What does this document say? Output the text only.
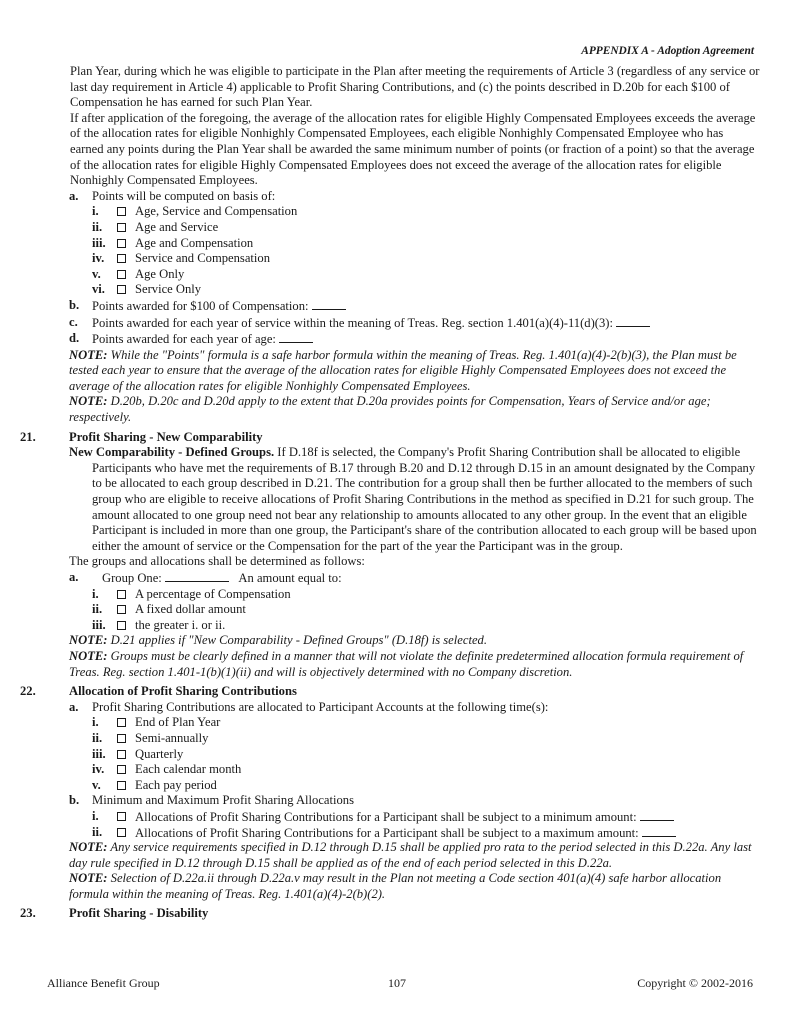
APPENDIX A - Adoption Agreement

Plan Year, during which he was eligible to participate in the Plan after meeting the requirements of Article 3 (regardless of any service or last day requirement in Article 4) applicable to Profit Sharing Contributions, and (c) the points described in D.20b for each $100 of Compensation he has earned for such Plan Year.

If after application of the foregoing, the average of the allocation rates for eligible Highly Compensated Employees exceeds the average of the allocation rates for eligible Nonhighly Compensated Employees, each eligible Nonhighly Compensated Employee who has earned any points during the Plan Year shall be awarded the same minimum number of points (or fraction of a point) so that the average of the allocation rates for eligible Highly Compensated Employees does not exceed the average of the allocation rates for eligible Nonhighly Compensated Employees.

a.	Points will be computed on basis of:
i.	Age, Service and Compensation
ii.	Age and Service
iii. Age and Compensation
iv. Service and Compensation
v.	Age Only
vi. Service Only
b.	Points awarded for $100 of Compensation:
c.	Points awarded for each year of service within the meaning of Treas. Reg. section 1.401(a)(4)-11(d)(3):
d.	Points awarded for each year of age:

NOTE: While the "Points" formula is a safe harbor formula within the meaning of Treas. Reg. 1.401(a)(4)-2(b)(3), the Plan must be tested each year to ensure that the average of the allocation rates for eligible Highly Compensated Employees does not exceed the average of the allocation rates for eligible Nonhighly Compensated Employees.

NOTE: D.20b, D.20c and D.20d apply to the extent that D.20a provides points for Compensation, Years of Service and/or age; respectively.

21.	Profit Sharing - New Comparability

New Comparability - Defined Groups. If D.18f is selected, the Company's Profit Sharing Contribution shall be allocated to eligible Participants who have met the requirements of B.17 through B.20 and D.12 through D.15 in an amount designated by the Company to be allocated to each group described in D.21. The contribution for a group shall then be further allocated to the members of such group who are eligible to receive allocations of Profit Sharing Contributions in the method as specified in D.21 for such group. The amount allocated to one group need not bear any relationship to amounts allocated to any other group. In the event that an eligible Participant is included in more than one group, the Participant's share of the contribution allocated to each group will be based upon either the amount of service or the Compensation for the part of the year the Participant was in the group.

The groups and allocations shall be determined as follows:

a.	Group One:	An amount equal to:
i.	A percentage of Compensation
ii.	A fixed dollar amount
iii. the greater i. or ii.

NOTE: D.21 applies if "New Comparability - Defined Groups" (D.18f) is selected.

NOTE: Groups must be clearly defined in a manner that will not violate the definite predetermined allocation formula requirement of Treas. Reg. section 1.401-1(b)(1)(ii) and will is objectively determined with no Company discretion.

22.	Allocation of Profit Sharing Contributions
a.	Profit Sharing Contributions are allocated to Participant Accounts at the following time(s):
i.	End of Plan Year
ii.	Semi-annually
iii. Quarterly
iv. Each calendar month
v.	Each pay period
b.	Minimum and Maximum Profit Sharing Allocations
i.	Allocations of Profit Sharing Contributions for a Participant shall be subject to a minimum amount:
ii.	Allocations of Profit Sharing Contributions for a Participant shall be subject to a maximum amount:

NOTE: Any service requirements specified in D.12 through D.15 shall be applied pro rata to the period selected in this D.22a. Any last day rule specified in D.12 through D.15 shall be applied as of the end of each period selected in this D.22a.

NOTE: Selection of D.22a.ii through D.22a.v may result in the Plan not meeting a Code section 401(a)(4) safe harbor allocation formula within the meaning of Treas. Reg. 1.401(a)(4)-2(b)(2).

23.	Profit Sharing - Disability
Alliance Benefit Group	107	Copyright © 2002-2016
